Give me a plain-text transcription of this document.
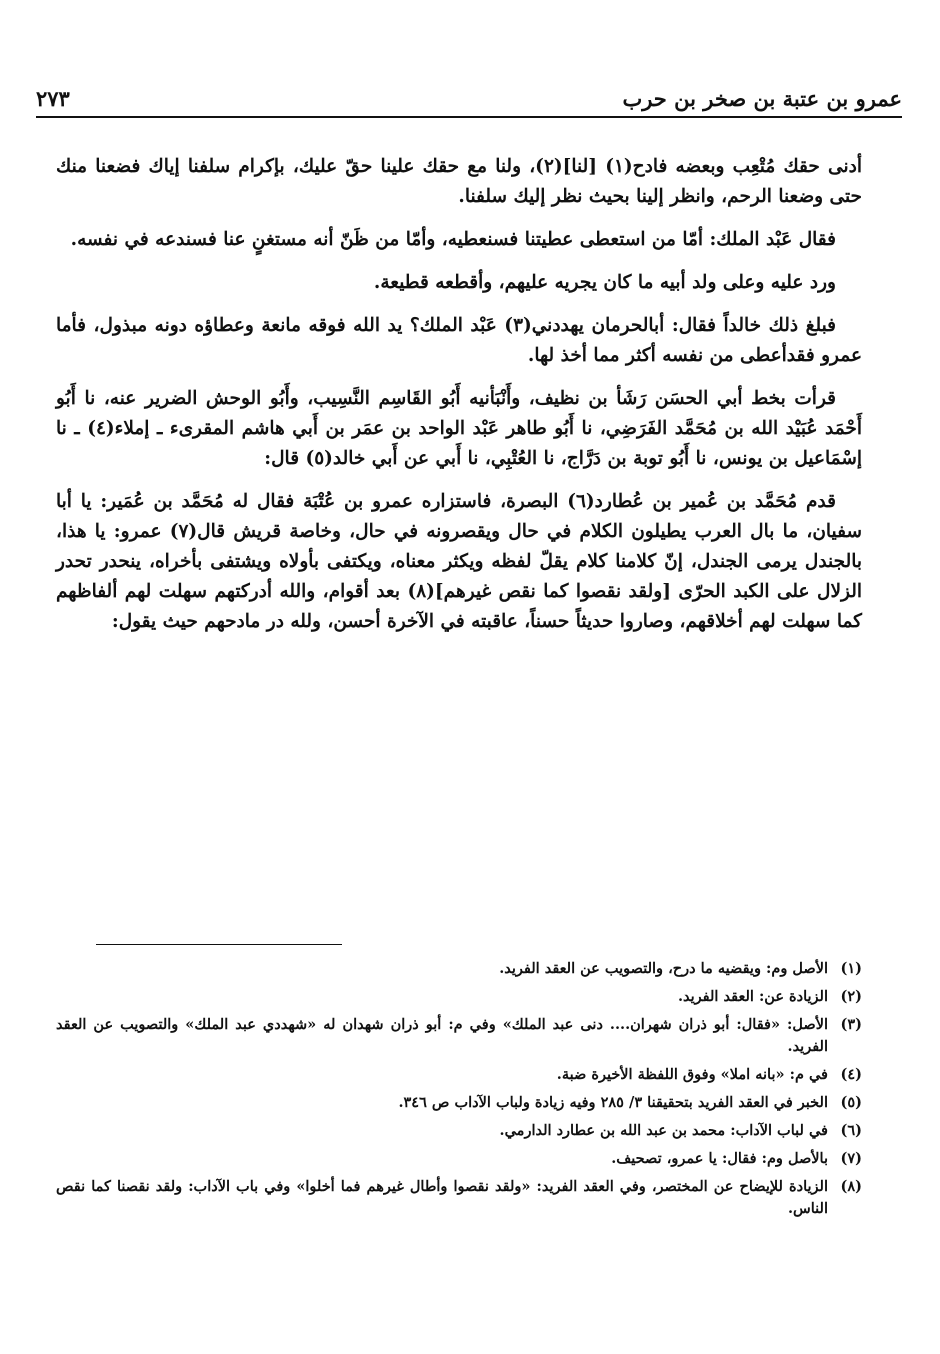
عمرو بن عتبة بن صخر بن حرب
٢٧٣

أدنى حقك مُتْعِب وبعضه فادح(١) [لنا](٢)، ولنا مع حقك علينا حقّ عليك، بإكرام سلفنا إياك فضعنا منك حتى وضعنا الرحم، وانظر إلينا بحيث نظر إليك سلفنا.

فقال عَبْد الملك: أمّا من استعطى عطيتنا فسنعطيه، وأمّا من ظَنّ أنه مستغنٍ عنا فسندعه في نفسه.

ورد عليه وعلى ولد أبيه ما كان يجريه عليهم، وأقطعه قطيعة.

فبلغ ذلك خالداً فقال: أبالحرمان يهددني(٣) عَبْد الملك؟ يد الله فوقه مانعة وعطاؤه دونه مبذول، فأما عمرو فقدأعطى من نفسه أكثر مما أخذ لها.

قرأت بخط أبي الحسَن رَشَأ بن نظيف، وأَنْبَأنيه أَبُو القَاسِم النَّسِيب، وأَبُو الوحش الضرير عنه، نا أَبُو أَحْمَد عُبَيْد الله بن مُحَمَّد الفَرَضِي، نا أَبُو طاهر عَبْد الواحد بن عمَر بن أَبي هاشم المقرىء ـ إملاء(٤) ـ نا إسْمَاعيل بن يونس، نا أَبُو توبة بن دَرَّاج، نا العُتْبِي، نا أَبي عن أَبي خالد(٥) قال:

قدم مُحَمَّد بن عُمير بن عُطارد(٦) البصرة، فاستزاره عمرو بن عُتْبَة فقال له مُحَمَّد بن عُمَير: يا أبا سفيان، ما بال العرب يطيلون الكلام في حال ويقصرونه في حال، وخاصة قريش قال(٧) عمرو: يا هذا، بالجندل يرمى الجندل، إنّ كلامنا كلام يقلّ لفظه ويكثر معناه، ويكتفى بأولاه ويشتفى بأخراه، ينحدر تحدر الزلال على الكبد الحرّى [ولقد نقصوا كما نقص غيرهم](٨) بعد أقوام، والله أدركتهم سهلت لهم ألفاظهم كما سهلت لهم أخلاقهم، وصاروا حديثاً حسناً، عاقبته في الآخرة أحسن، ولله در مادحهم حيث يقول:

(١)
الأصل وم: ويقضيه ما درح، والتصويب عن العقد الفريد.
(٢)
الزيادة عن: العقد الفريد.
(٣)
الأصل: «فقال: أبو ذران شهران.... دنى عبد الملك» وفي م: أبو ذران شهدان له «شهددي عبد الملك» والتصويب عن العقد الفريد.
(٤)
في م: «بانه املا» وفوق اللفظة الأخيرة ضبة.
(٥)
الخبر في العقد الفريد بتحقيقنا ٣/ ٢٨٥ وفيه زيادة ولباب الآداب ص ٣٤٦.
(٦)
في لباب الآداب: محمد بن عبد الله بن عطارد الدارمي.
(٧)
بالأصل وم: فقال: يا عمرو، تصحيف.
(٨)
الزيادة للإيضاح عن المختصر، وفي العقد الفريد: «ولقد نقصوا وأطال غيرهم فما أخلوا» وفي باب الآداب: ولقد نقصنا كما نقص الناس.
